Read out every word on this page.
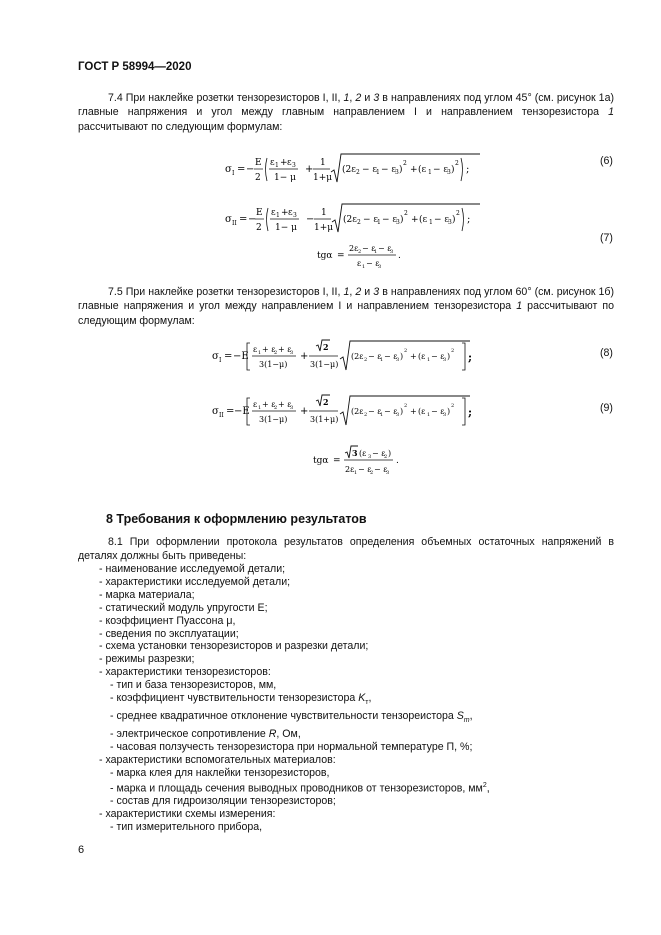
ГОСТ Р 58994—2020
7.4 При наклейке розетки тензорезисторов I, II, 1, 2 и 3 в направлениях под углом 45° (см. рисунок 1а) главные напряжения и угол между главным направлением I и направлением тензорезистора 1 рассчитывают по следующим формулам:
σ I = −
E
2
ε 1 + ε 3
1− μ
+
1
1+μ
(2ε 2 − ε
1 − ε
3 )
2
+ (ε 1 − ε
3 )
2
;
(6)
σ II = −
E
2
ε 1 + ε 3
1− μ
−
1
1+μ
(2ε 2 − ε
1 − ε
3 )
2
+ (ε 1 − ε
3 )
2
;
(7)
tgα =
2ε 2 − ε
1 − ε
3
ε 1 − ε
3
.
7.5 При наклейке розетки тензорезисторов I, II, 1, 2 и 3 в направлениях под углом 60° (см. рисунок 1б) главные напряжения и угол между направлением I и направлением тензорезистора 1 рассчитывают по следующим формулам:
σ I = −E
ε 1 + ε
2 + ε
3
3(1−μ)
+
2
3(1−μ)
(2ε 2 − ε
1 − ε
3 )
2
+ (ε 1 − ε
3 )
2 ;	(8)
σ II = −E
ε 1 + ε
2 + ε
3
3(1−μ)
+
2
3(1+μ)
(2ε 2 − ε
1 − ε
3 )
2
+ (ε 1 − ε
3 )
2 ;	(9)
tgα =
3 (ε 3 − ε
2 )
2ε 1 − ε
2 − ε
3
.
8 Требования к оформлению результатов
8.1 При оформлении протокола результатов определения объемных остаточных напряжений в деталях должны быть приведены:
- наименование исследуемой детали;
- характеристики исследуемой детали;
- марка материала;
- статический модуль упругости E;
- коэффициент Пуассона μ,
- сведения по эксплуатации;
- схема установки тензорезисторов и разрезки детали;
- режимы разрезки;
- характеристики тензорезисторов:
- тип и база тензорезисторов, мм,
- коэффициент чувствительности тензорезистора $K_т$,
- среднее квадратичное отклонение чувствительности тензореистора $S_m$,
- электрическое сопротивление R, Ом,
- часовая ползучесть тензорезистора при нормальной температуре П, %;
- характеристики вспомогательных материалов:
- марка клея для наклейки тензорезисторов,
- марка и площадь сечения выводных проводников от тензорезисторов, $мм^2$,
- состав для гидроизоляции тензорезисторов;
- характеристики схемы измерения:
- тип измерительного прибора,
6
